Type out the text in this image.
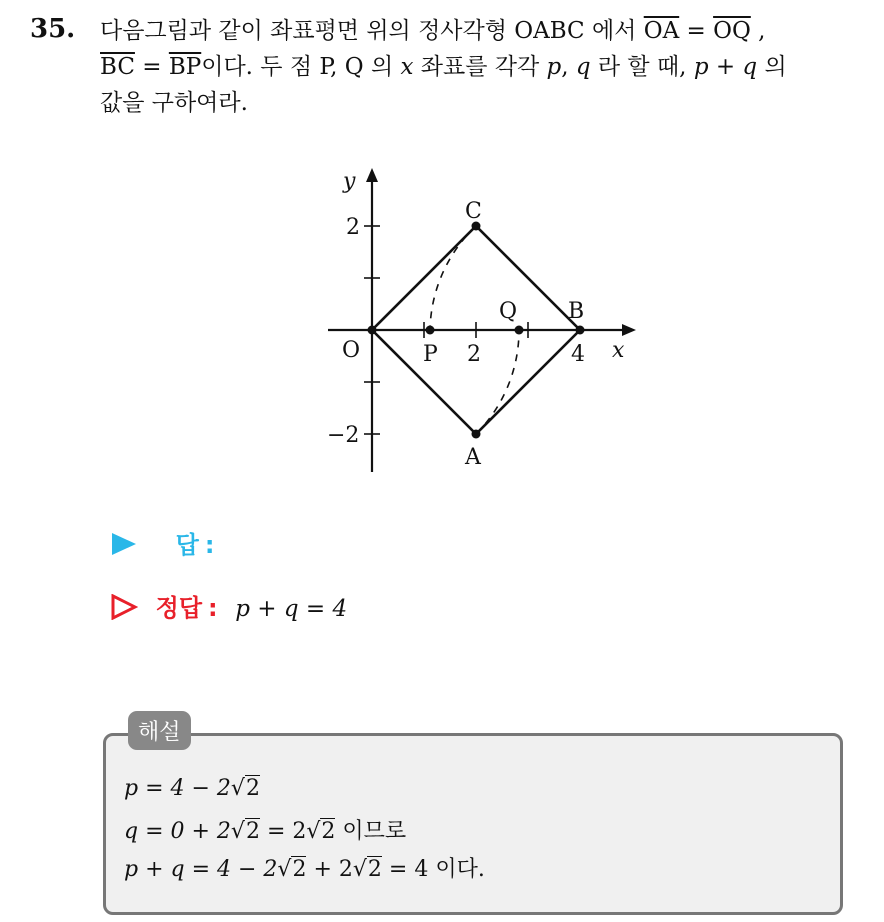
35. 다음그림과 같이 좌표평면 위의 정사각형 OABC 에서 $\overline{OA} = \overline{OQ}$ ,
$\overline{BC} = \overline{BP}$이다. 두 점 P, Q 의 x 좌표를 각각 p, q 라 할 때, p + q 의
값을 구하여라.
y
x
O
C
B
Q
P
A
2
−2
2	4
답 :
정답 : p + q = 4
해설
p = 4 − 2√2
q = 0 + 2√2 = 2√2 이므로
p + q = 4 − 2√2 + 2√2 = 4 이다.
